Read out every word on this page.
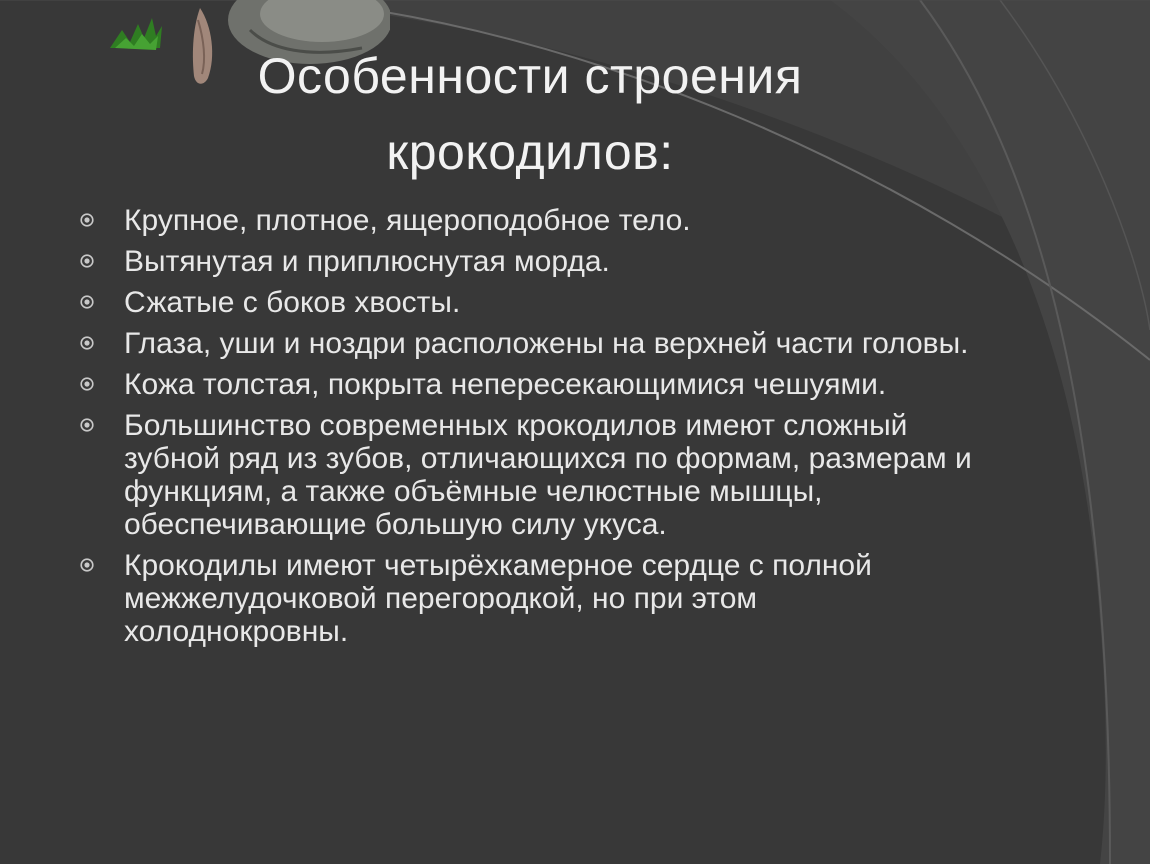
Особенности строения
крокодилов:
Крупное, плотное, ящероподобное тело.
Вытянутая и приплюснутая морда.
Сжатые с боков хвосты.
Глаза, уши и ноздри расположены на верхней части головы.
Кожа толстая, покрыта непересекающимися чешуями.
Большинство современных крокодилов имеют сложный зубной ряд из зубов, отличающихся по формам, размерам и функциям, а также объёмные челюстные мышцы, обеспечивающие большую силу укуса.
Крокодилы имеют четырёхкамерное сердце с полной межжелудочковой перегородкой, но при этом холоднокровны.
